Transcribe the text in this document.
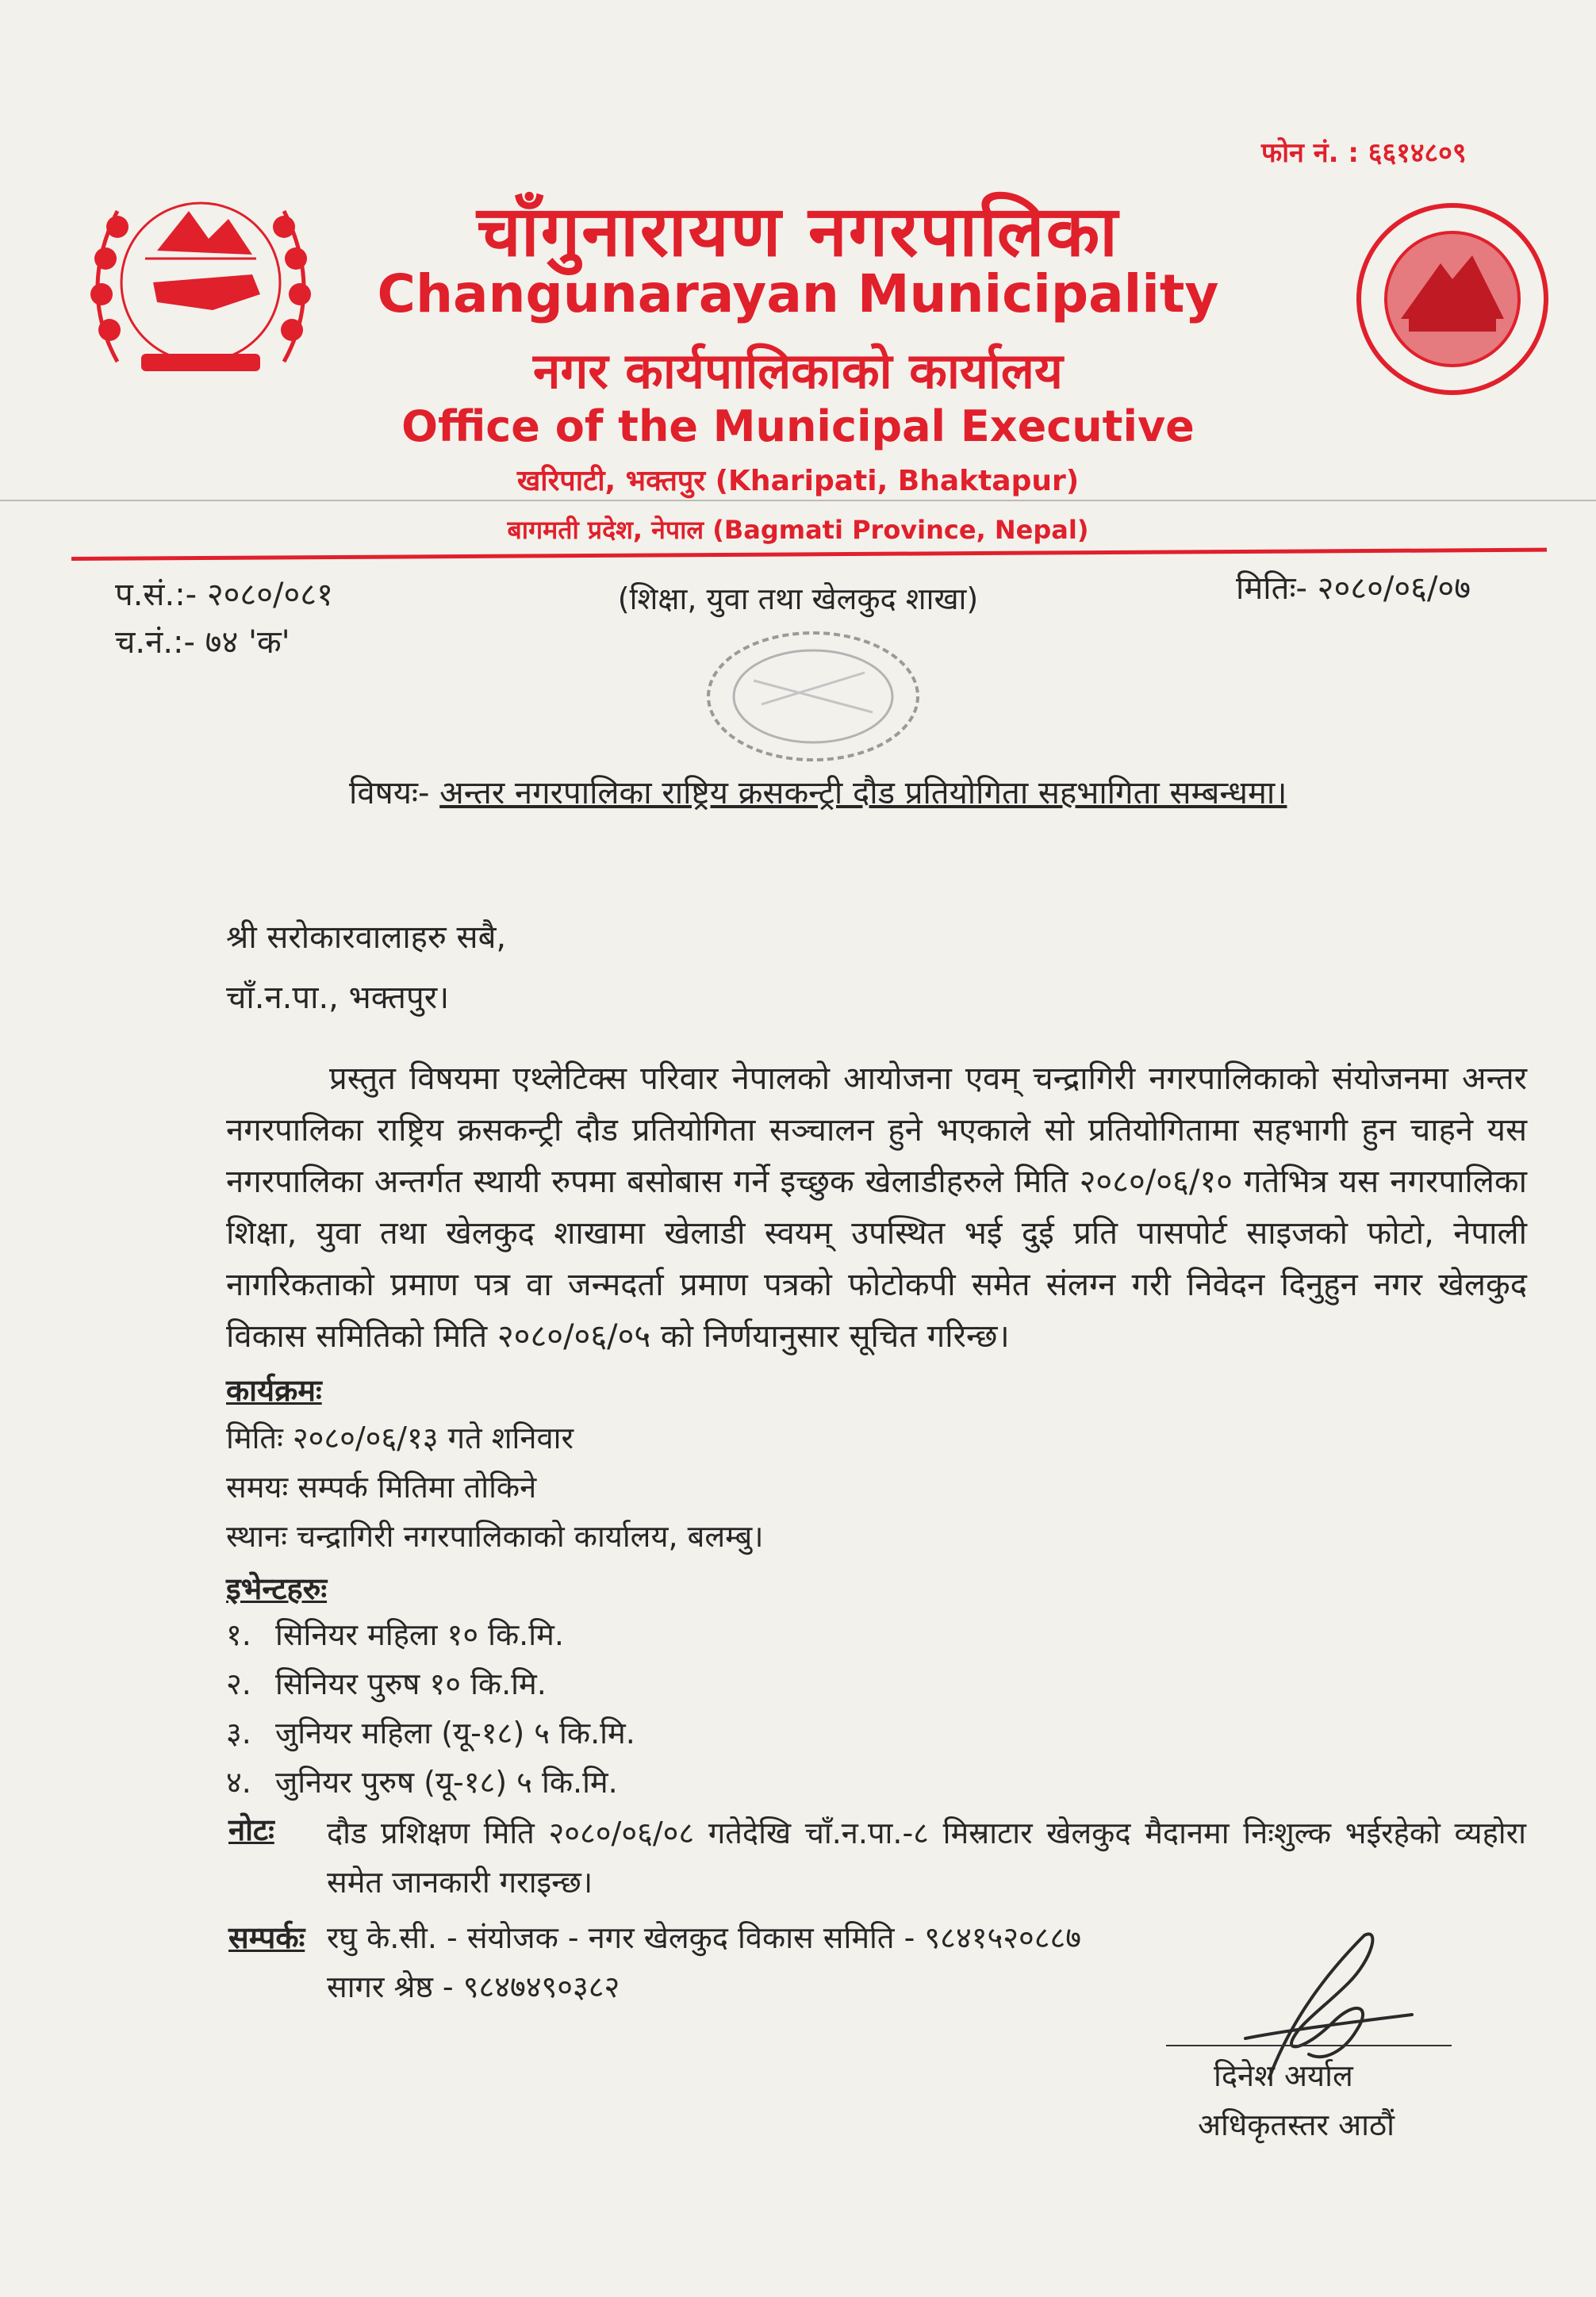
फोन नं. : ६६१४८०९
चाँगुनारायण नगरपालिका
Changunarayan Municipality
नगर कार्यपालिकाको कार्यालय
Office of the Municipal Executive
खरिपाटी, भक्तपुर (Kharipati, Bhaktapur)
बागमती प्रदेश, नेपाल (Bagmati Province, Nepal)
प.सं.:- २०८०/०८१
च.नं.:- ७४ 'क'
(शिक्षा, युवा तथा खेलकुद शाखा)	मितिः- २०८०/०६/०७
विषयः- अन्तर नगरपालिका राष्ट्रिय क्रसकन्ट्री दौड प्रतियोगिता सहभागिता सम्बन्धमा।
श्री सरोकारवालाहरु सबै,
चाँ.न.पा., भक्तपुर।
प्रस्तुत विषयमा एथ्लेटिक्स परिवार नेपालको आयोजना एवम् चन्द्रागिरी नगरपालिकाको संयोजनमा अन्तर नगरपालिका राष्ट्रिय क्रसकन्ट्री दौड प्रतियोगिता सञ्चालन हुने भएकाले सो प्रतियोगितामा सहभागी हुन चाहने यस नगरपालिका अन्तर्गत स्थायी रुपमा बसोबास गर्ने इच्छुक खेलाडीहरुले मिति २०८०/०६/१० गतेभित्र यस नगरपालिका शिक्षा, युवा तथा खेलकुद शाखामा खेलाडी स्वयम् उपस्थित भई दुई प्रति पासपोर्ट साइजको फोटो, नेपाली नागरिकताको प्रमाण पत्र वा जन्मदर्ता प्रमाण पत्रको फोटोकपी समेत संलग्न गरी निवेदन दिनुहुन नगर खेलकुद विकास समितिको मिति २०८०/०६/०५ को निर्णयानुसार सूचित गरिन्छ।
कार्यक्रमः
मितिः २०८०/०६/१३ गते शनिवार
समयः सम्पर्क मितिमा तोकिने
स्थानः चन्द्रागिरी नगरपालिकाको कार्यालय, बलम्बु।
इभेन्टहरुः
१. सिनियर महिला १० कि.मि.
२. सिनियर पुरुष १० कि.मि.
३. जुनियर महिला (यू-१८) ५ कि.मि.
४. जुनियर पुरुष (यू-१८) ५ कि.मि.
नोटः दौड प्रशिक्षण मिति २०८०/०६/०८ गतेदेखि चाँ.न.पा.-८ मिस्राटार खेलकुद मैदानमा निःशुल्क भईरहेको व्यहोरा समेत जानकारी गराइन्छ।
सम्पर्कः रघु के.सी. - संयोजक - नगर खेलकुद विकास समिति - ९८४१५२०८८७
सागर श्रेष्ठ - ९८४७४९०३८२
दिनेश अर्याल
अधिकृतस्तर आठौं
